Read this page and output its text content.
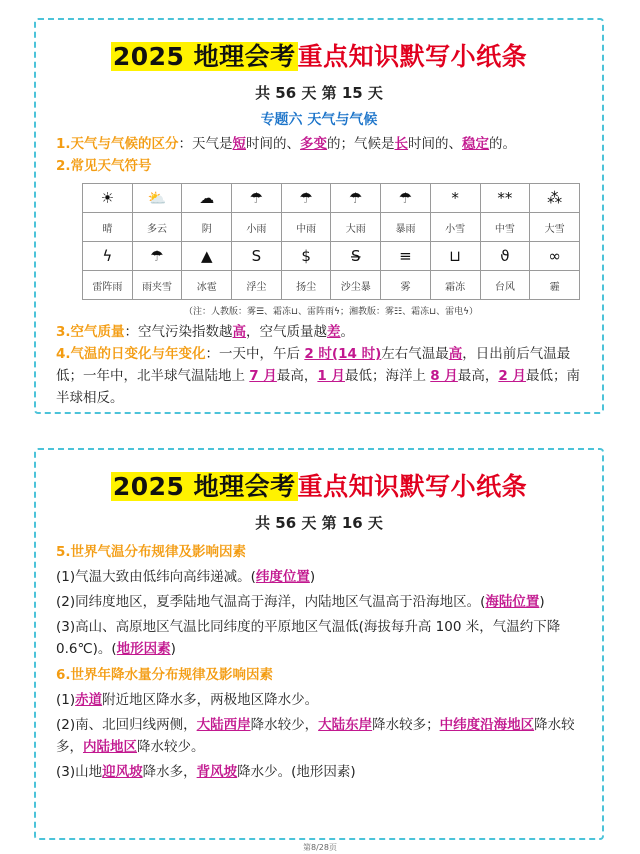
2025 地理会考重点知识默写小纸条
共 56 天 第 15 天
专题六 天气与气候
1.天气与气候的区分：天气是短时间的、多变的；气候是长时间的、稳定的。
2.常见天气符号
☀	⛅	☁	☂	☂	☂	☂	*	**	⁂
晴	多云	阴	小雨	中雨	大雨	暴雨	小雪	中雪	大雪
ϟ	☂	▲	S	$	S̶	≡	⊔	ϑ	∞
雷阵雨	雨夹雪	冰雹	浮尘	扬尘	沙尘暴	雾	霜冻	台风	霾
（注：人教版：雾☰、霜冻⊔、雷阵雨ϟ；湘教版：雾☷、霜冻⊔、雷电ϟ）
3.空气质量：空气污染指数越高，空气质量越差。
4.气温的日变化与年变化：一天中，午后 2 时(14 时)左右气温最高，日出前后气温最低；一年中，北半球气温陆地上 7 月最高，1 月最低；海洋上 8 月最高，2 月最低；南半球相反。
2025 地理会考重点知识默写小纸条
共 56 天 第 16 天
5.世界气温分布规律及影响因素
(1)气温大致由低纬向高纬递减。(纬度位置)
(2)同纬度地区，夏季陆地气温高于海洋，内陆地区气温高于沿海地区。(海陆位置)
(3)高山、高原地区气温比同纬度的平原地区气温低(海拔每升高 100 米，气温约下降 0.6℃)。(地形因素)
6.世界年降水量分布规律及影响因素
(1)赤道附近地区降水多，两极地区降水少。
(2)南、北回归线两侧，大陆西岸降水较少，大陆东岸降水较多；中纬度沿海地区降水较多，内陆地区降水较少。
(3)山地迎风坡降水多，背风坡降水少。(地形因素)
第8/28页
